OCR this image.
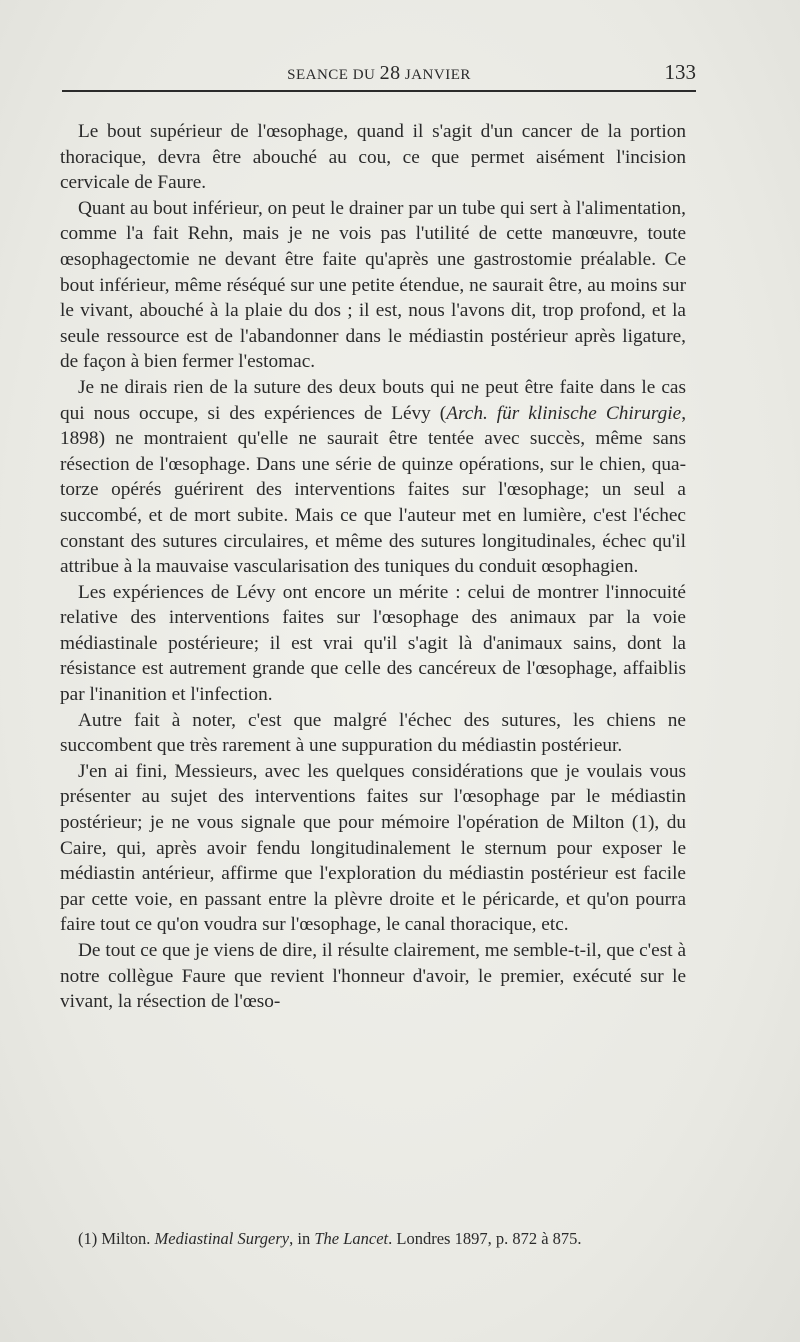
SEANCE DU 28 JANVIER	133

Le bout supérieur de l'œsophage, quand il s'agit d'un cancer de la portion thoracique, devra être abouché au cou, ce que permet aisément l'incision cervicale de Faure.

Quant au bout inférieur, on peut le drainer par un tube qui sert à l'alimentation, comme l'a fait Rehn, mais je ne vois pas l'utilité de cette manœuvre, toute œsophagectomie ne devant être faite qu'après une gastrostomie préalable. Ce bout inférieur, même réséqué sur une petite étendue, ne saurait être, au moins sur le vivant, abouché à la plaie du dos ; il est, nous l'avons dit, trop profond, et la seule ressource est de l'abandonner dans le médiastin postérieur après ligature, de façon à bien fermer l'estomac.

Je ne dirais rien de la suture des deux bouts qui ne peut être faite dans le cas qui nous occupe, si des expériences de Lévy (Arch. für klinische Chirurgie, 1898) ne montraient qu'elle ne saurait être tentée avec succès, même sans résection de l'œsophage. Dans une série de quinze opérations, sur le chien, quatorze opérés guérirent des interventions faites sur l'œsophage; un seul a succombé, et de mort subite. Mais ce que l'auteur met en lumière, c'est l'échec constant des sutures circulaires, et même des sutures longitudinales, échec qu'il attribue à la mauvaise vascularisation des tuniques du conduit œsophagien.

Les expériences de Lévy ont encore un mérite : celui de montrer l'innocuité relative des interventions faites sur l'œsophage des animaux par la voie médiastinale postérieure; il est vrai qu'il s'agit là d'animaux sains, dont la résistance est autrement grande que celle des cancéreux de l'œsophage, affaiblis par l'inanition et l'infection.

Autre fait à noter, c'est que malgré l'échec des sutures, les chiens ne succombent que très rarement à une suppuration du médiastin postérieur.

J'en ai fini, Messieurs, avec les quelques considérations que je voulais vous présenter au sujet des interventions faites sur l'œsophage par le médiastin postérieur; je ne vous signale que pour mémoire l'opération de Milton (1), du Caire, qui, après avoir fendu longitudinalement le sternum pour exposer le médiastin antérieur, affirme que l'exploration du médiastin postérieur est facile par cette voie, en passant entre la plèvre droite et le péricarde, et qu'on pourra faire tout ce qu'on voudra sur l'œsophage, le canal thoracique, etc.

De tout ce que je viens de dire, il résulte clairement, me semble-t-il, que c'est à notre collègue Faure que revient l'honneur d'avoir, le premier, exécuté sur le vivant, la résection de l'œso-

(1) Milton. Mediastinal Surgery, in The Lancet. Londres 1897, p. 872 à 875.
